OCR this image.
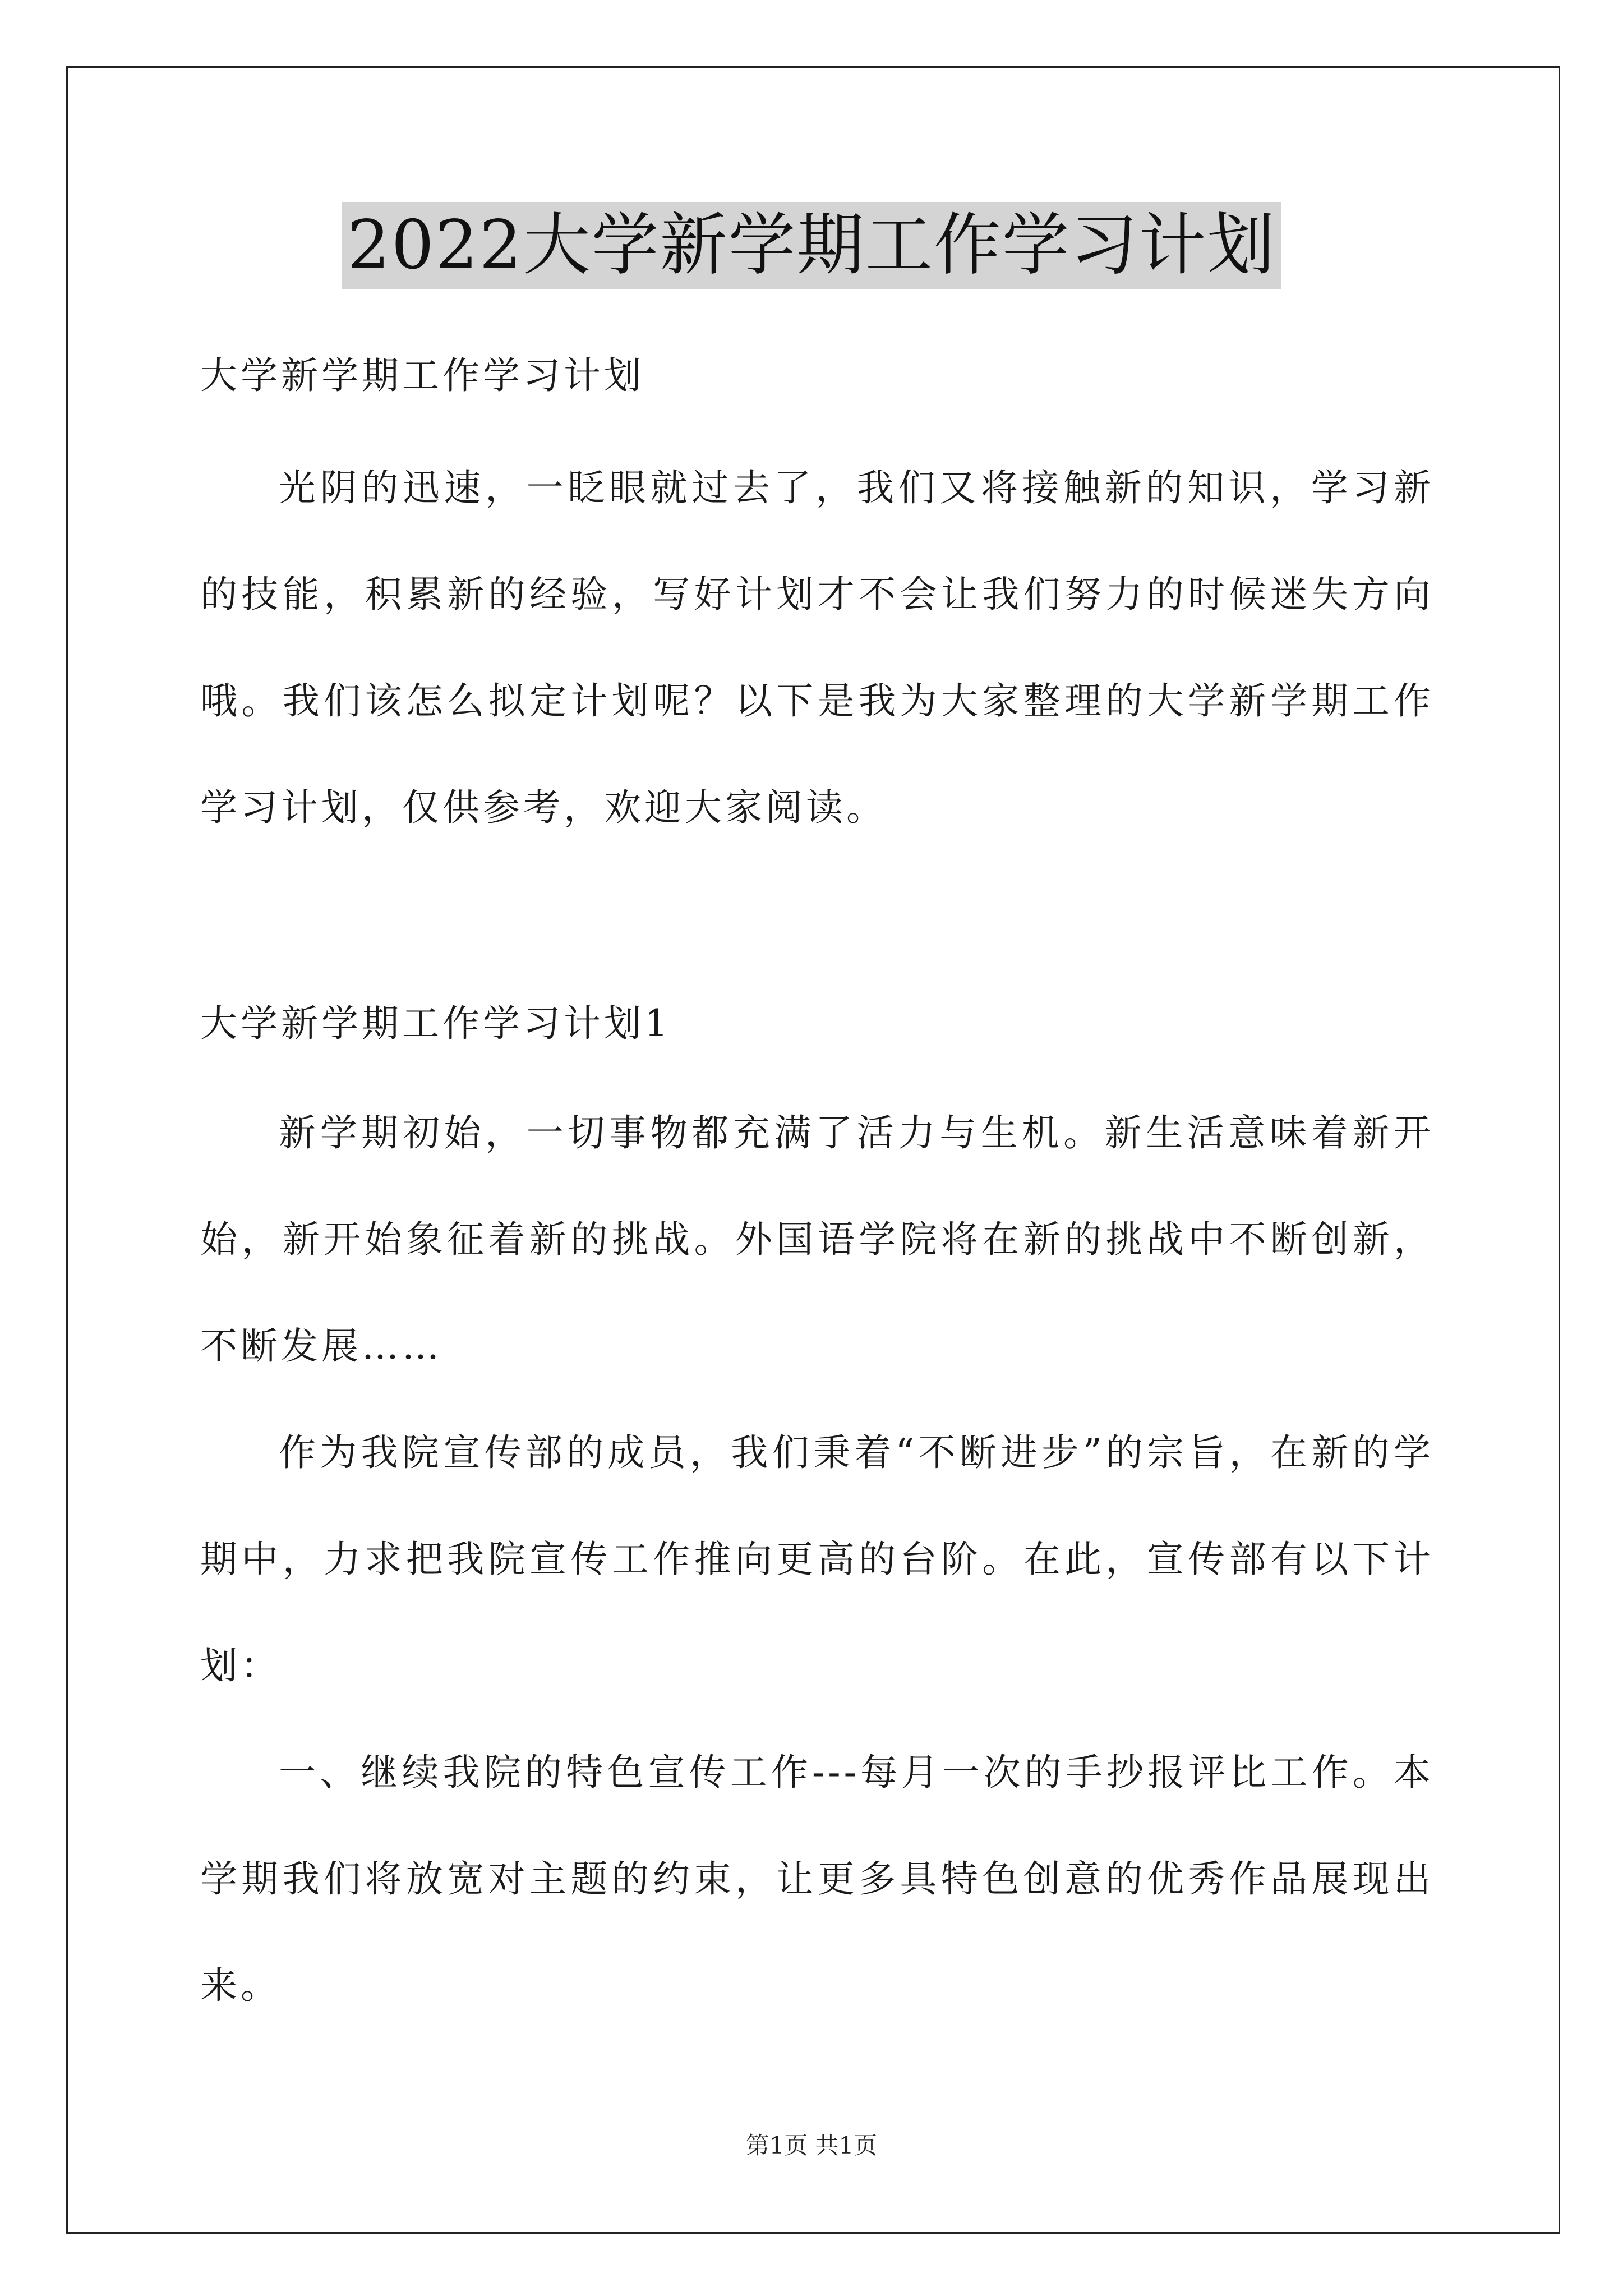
2022大学新学期工作学习计划

大学新学期工作学习计划

光阴的迅速，一眨眼就过去了，我们又将接触新的知识，学习新的技能，积累新的经验，写好计划才不会让我们努力的时候迷失方向哦。我们该怎么拟定计划呢？以下是我为大家整理的大学新学期工作学习计划，仅供参考，欢迎大家阅读。

大学新学期工作学习计划1

新学期初始，一切事物都充满了活力与生机。新生活意味着新开始，新开始象征着新的挑战。外国语学院将在新的挑战中不断创新，不断发展……

作为我院宣传部的成员，我们秉着“不断进步”的宗旨，在新的学期中，力求把我院宣传工作推向更高的台阶。在此，宣传部有以下计划：

一、继续我院的特色宣传工作---每月一次的手抄报评比工作。本学期我们将放宽对主题的约束，让更多具特色创意的优秀作品展现出来。

第1页 共1页
